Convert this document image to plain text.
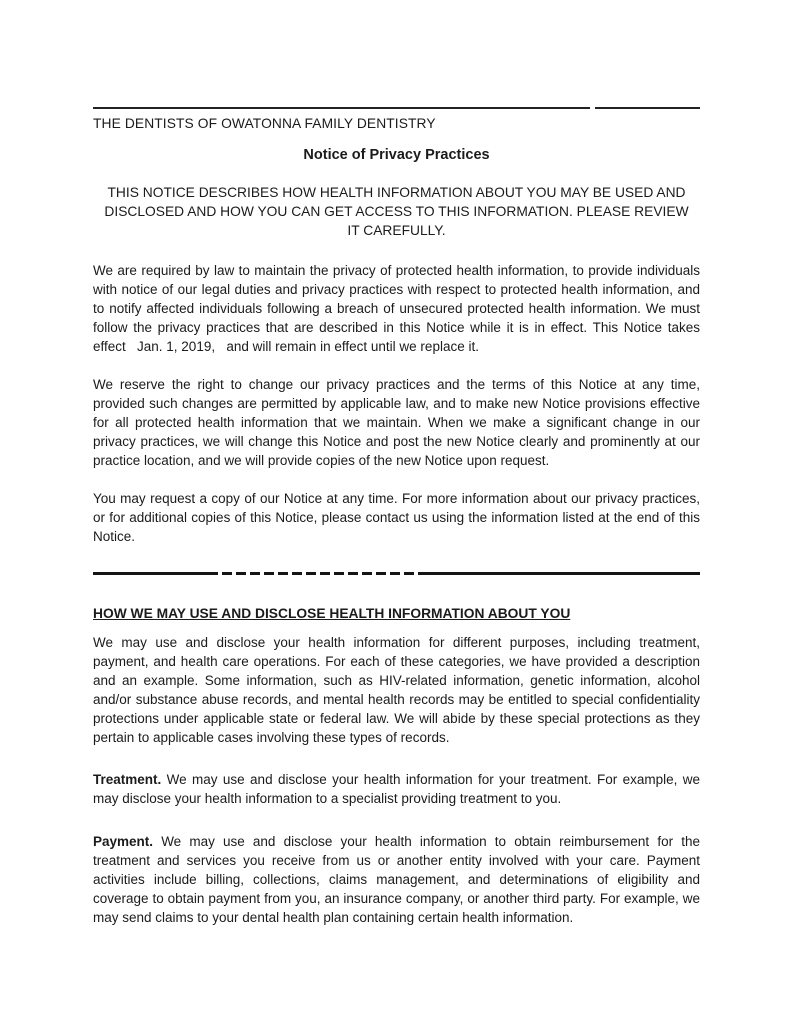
THE DENTISTS OF OWATONNA FAMILY DENTISTRY

Notice of Privacy Practices

THIS NOTICE DESCRIBES HOW HEALTH INFORMATION ABOUT YOU MAY BE USED AND DISCLOSED AND HOW YOU CAN GET ACCESS TO THIS INFORMATION. PLEASE REVIEW IT CAREFULLY.

We are required by law to maintain the privacy of protected health information, to provide individuals with notice of our legal duties and privacy practices with respect to protected health information, and to notify affected individuals following a breach of unsecured protected health information. We must follow the privacy practices that are described in this Notice while it is in effect. This Notice takes effect   Jan. 1, 2019,   and will remain in effect until we replace it.

We reserve the right to change our privacy practices and the terms of this Notice at any time, provided such changes are permitted by applicable law, and to make new Notice provisions effective for all protected health information that we maintain. When we make a significant change in our privacy practices, we will change this Notice and post the new Notice clearly and prominently at our practice location, and we will provide copies of the new Notice upon request.

You may request a copy of our Notice at any time. For more information about our privacy practices, or for additional copies of this Notice, please contact us using the information listed at the end of this Notice.

HOW WE MAY USE AND DISCLOSE HEALTH INFORMATION ABOUT YOU

We may use and disclose your health information for different purposes, including treatment, payment, and health care operations. For each of these categories, we have provided a description and an example. Some information, such as HIV-related information, genetic information, alcohol and/or substance abuse records, and mental health records may be entitled to special confidentiality protections under applicable state or federal law. We will abide by these special protections as they pertain to applicable cases involving these types of records.

Treatment. We may use and disclose your health information for your treatment. For example, we may disclose your health information to a specialist providing treatment to you.

Payment. We may use and disclose your health information to obtain reimbursement for the treatment and services you receive from us or another entity involved with your care. Payment activities include billing, collections, claims management, and determinations of eligibility and coverage to obtain payment from you, an insurance company, or another third party. For example, we may send claims to your dental health plan containing certain health information.
